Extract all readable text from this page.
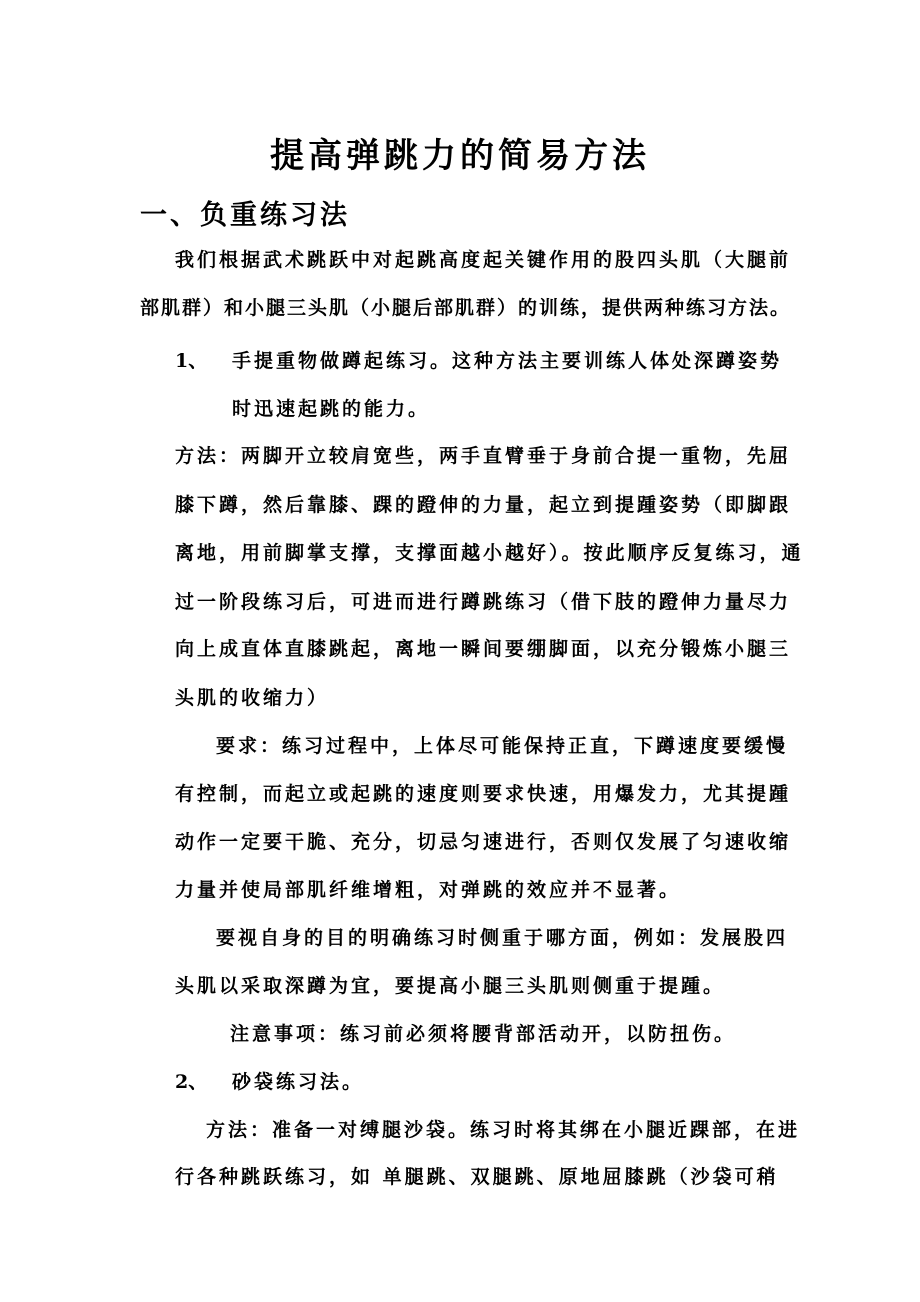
提高弹跳力的简易方法
一、负重练习法
我们根据武术跳跃中对起跳高度起关键作用的股四头肌（大腿前
部肌群）和小腿三头肌（小腿后部肌群）的训练，提供两种练习方法。
1、 手提重物做蹲起练习。这种方法主要训练人体处深蹲姿势
时迅速起跳的能力。
方法：两脚开立较肩宽些，两手直臂垂于身前合提一重物，先屈
膝下蹲，然后靠膝、踝的蹬伸的力量，起立到提踵姿势（即脚跟
离地，用前脚掌支撑，支撑面越小越好）。按此顺序反复练习，通
过一阶段练习后，可进而进行蹲跳练习（借下肢的蹬伸力量尽力
向上成直体直膝跳起，离地一瞬间要绷脚面，以充分锻炼小腿三
头肌的收缩力）
要求：练习过程中，上体尽可能保持正直，下蹲速度要缓慢
有控制，而起立或起跳的速度则要求快速，用爆发力，尤其提踵
动作一定要干脆、充分，切忌匀速进行，否则仅发展了匀速收缩
力量并使局部肌纤维增粗，对弹跳的效应并不显著。
要视自身的目的明确练习时侧重于哪方面，例如：发展股四
头肌以采取深蹲为宜，要提高小腿三头肌则侧重于提踵。
注意事项：练习前必须将腰背部活动开，以防扭伤。
2、 砂袋练习法。
方法：准备一对缚腿沙袋。练习时将其绑在小腿近踝部，在进
行各种跳跃练习，如 单腿跳、双腿跳、原地屈膝跳（沙袋可稍
